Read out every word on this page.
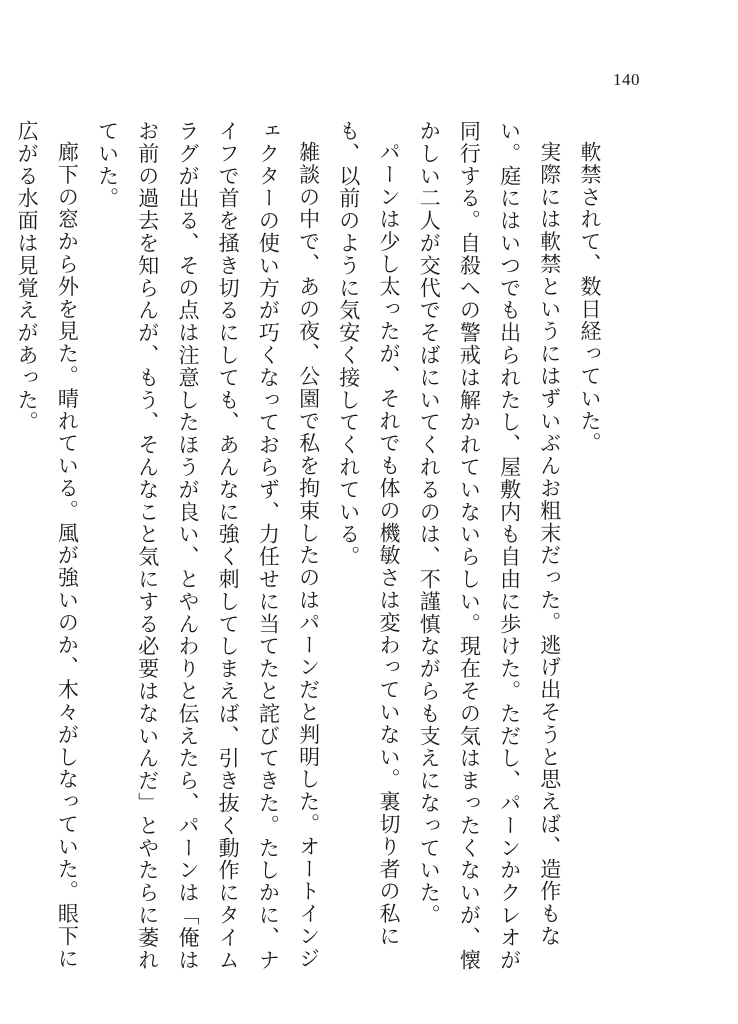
140

軟禁されて、数日経っていた。

実際には軟禁というにはずいぶんお粗末だった。逃げ出そうと思えば、造作もない。庭にはいつでも出られたし、屋敷内も自由に歩けた。ただし、パーンかクレオが同行する。自殺への警戒は解かれていないらしい。現在その気はまったくないが、懐かしい二人が交代でそばにいてくれるのは、不謹慎ながらも支えになっていた。

パーンは少し太ったが、それでも体の機敏さは変わっていない。裏切り者の私にも、以前のように気安く接してくれている。

雑談の中で、あの夜、公園で私を拘束したのはパーンだと判明した。オートインジェクターの使い方が巧くなっておらず、力任せに当てたと詫びてきた。たしかに、ナイフで首を掻き切るにしても、あんなに強く刺してしまえば、引き抜く動作にタイムラグが出る、その点は注意したほうが良い、とやんわりと伝えたら、パーンは「俺はお前の過去を知らんが、もう、そんなこと気にする必要はないんだ」とやたらに萎れていた。

廊下の窓から外を見た。晴れている。風が強いのか、木々がしなっていた。眼下に広がる水面は見覚えがあった。
